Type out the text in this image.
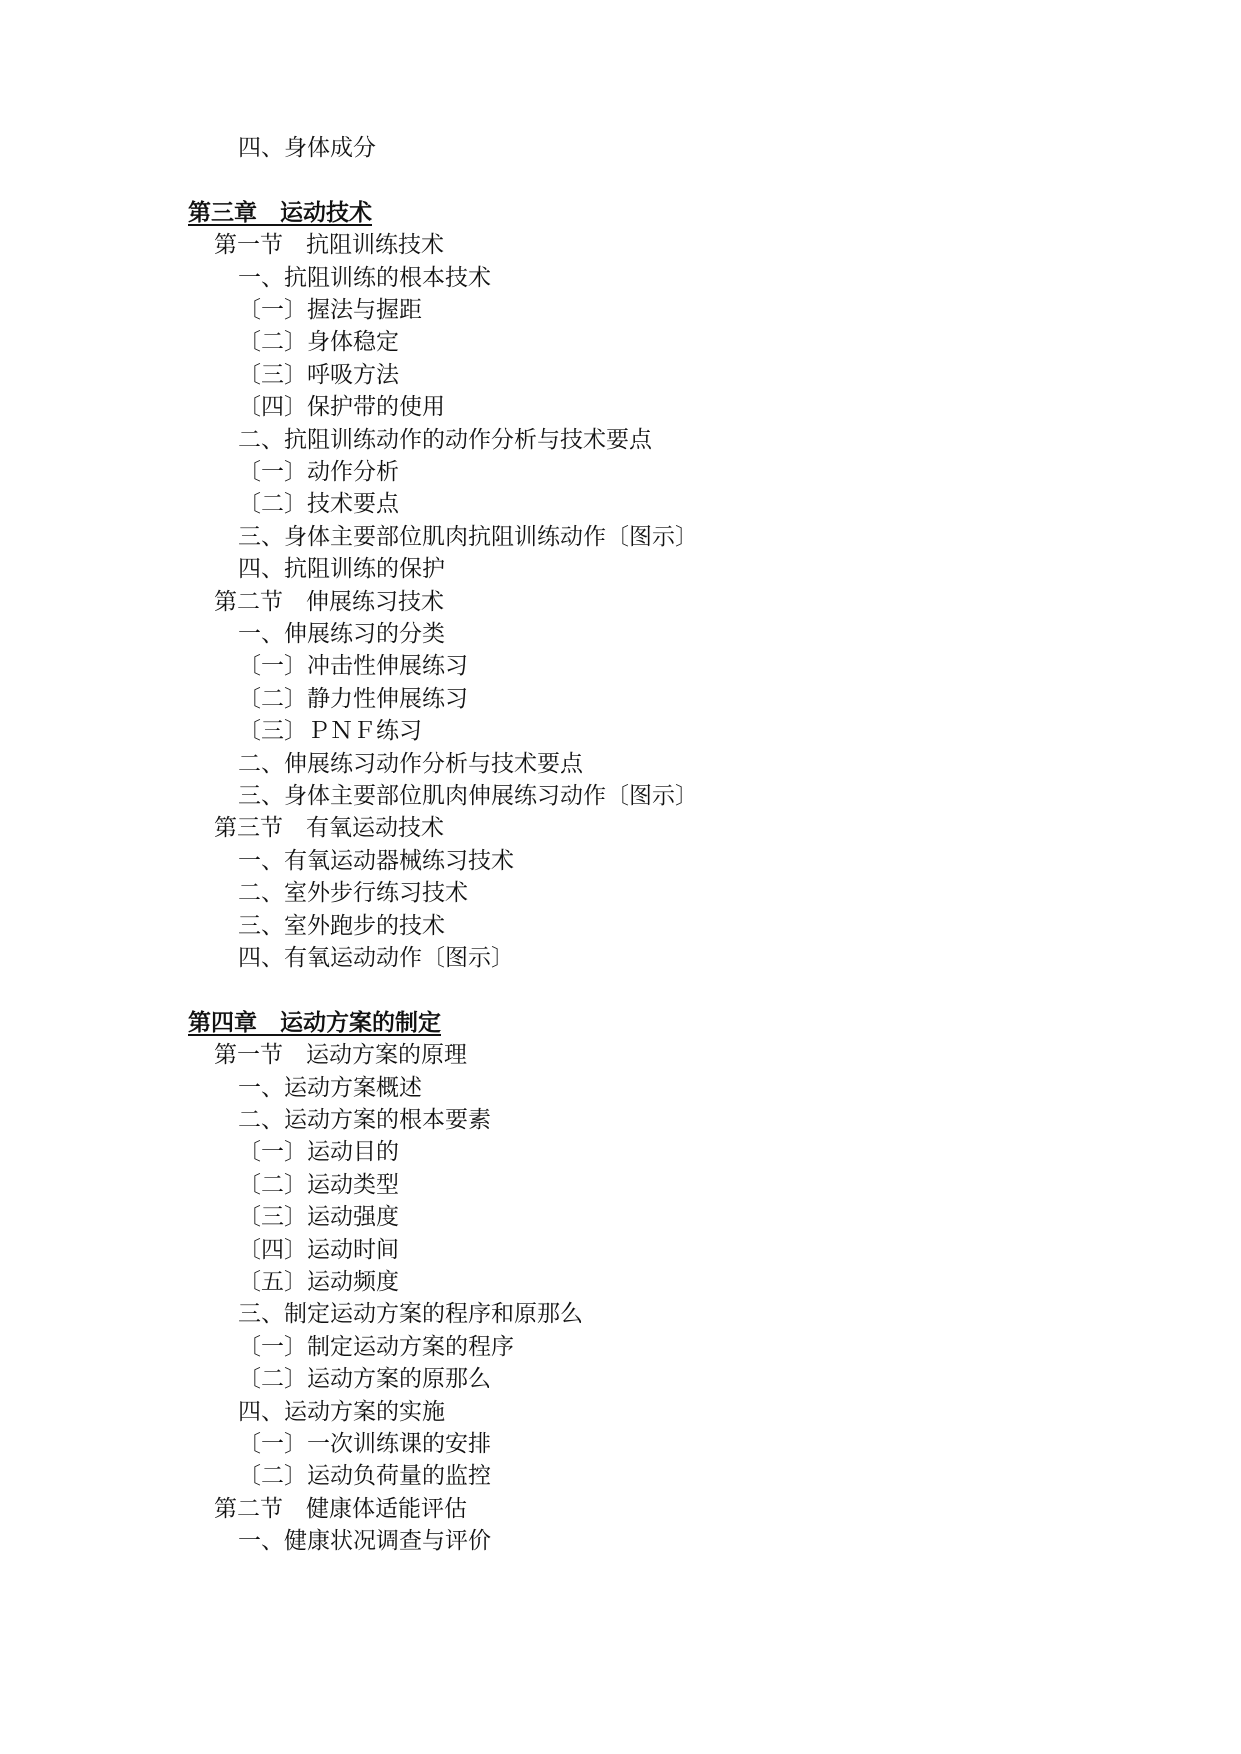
四、身体成分
第三章　运动技术
第一节　抗阻训练技术
一、抗阻训练的根本技术
〔一〕握法与握距
〔二〕身体稳定
〔三〕呼吸方法
〔四〕保护带的使用
二、抗阻训练动作的动作分析与技术要点
〔一〕动作分析
〔二〕技术要点
三、身体主要部位肌肉抗阻训练动作〔图示〕
四、抗阻训练的保护
第二节　伸展练习技术
一、伸展练习的分类
〔一〕冲击性伸展练习
〔二〕静力性伸展练习
〔三〕ＰＮＦ练习
二、伸展练习动作分析与技术要点
三、身体主要部位肌肉伸展练习动作〔图示〕
第三节　有氧运动技术
一、有氧运动器械练习技术
二、室外步行练习技术
三、室外跑步的技术
四、有氧运动动作〔图示〕
第四章　运动方案的制定
第一节　运动方案的原理
一、运动方案概述
二、运动方案的根本要素
〔一〕运动目的
〔二〕运动类型
〔三〕运动强度
〔四〕运动时间
〔五〕运动频度
三、制定运动方案的程序和原那么
〔一〕制定运动方案的程序
〔二〕运动方案的原那么
四、运动方案的实施
〔一〕一次训练课的安排
〔二〕运动负荷量的监控
第二节　健康体适能评估
一、健康状况调查与评价
